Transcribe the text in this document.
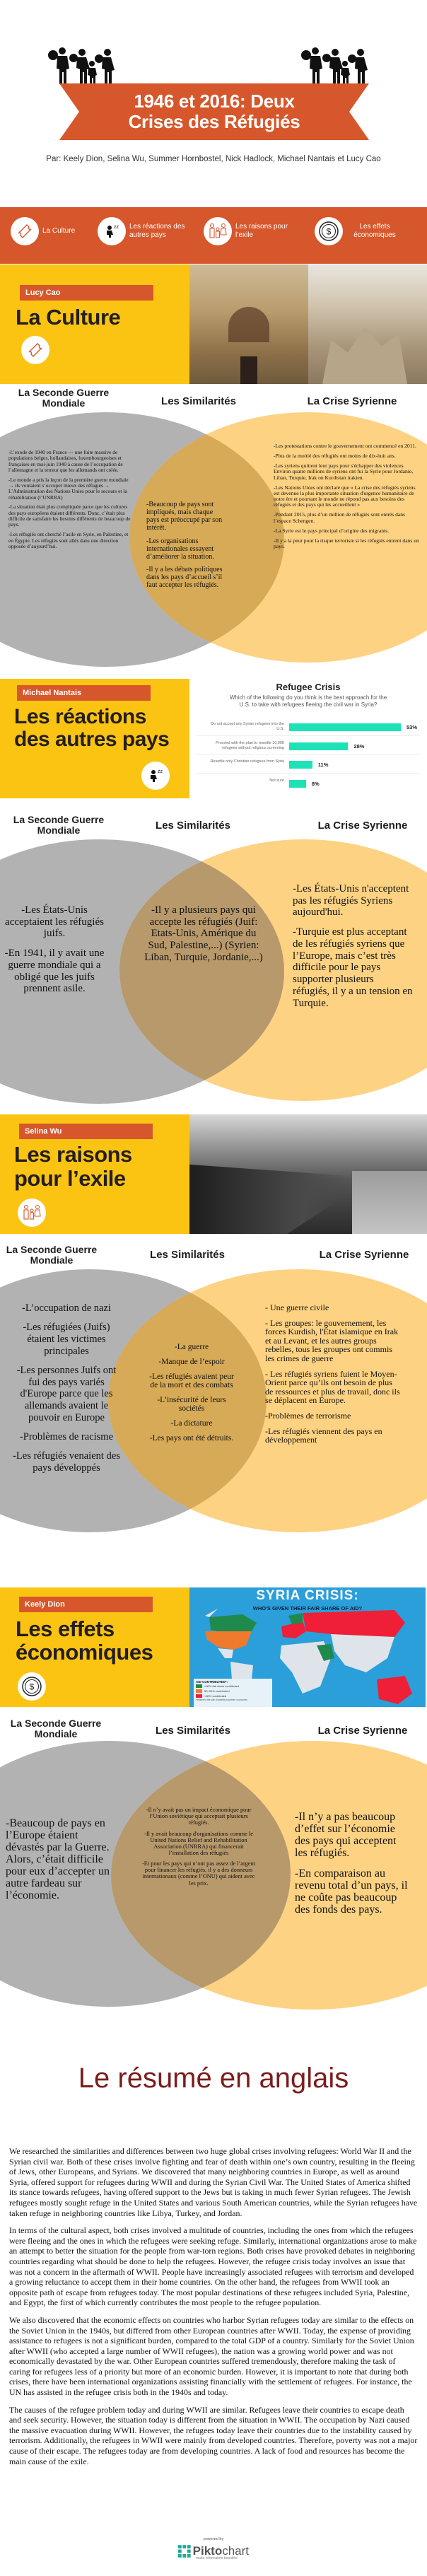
1946 et 2016: Deux
Crises des Réfugiés
Par: Keely Dion, Selina Wu, Summer Hornbostel, Nick Hadlock, Michael Nantais et Lucy Cao
La Culture	zz Les réactions des autres pays
Les raisons pour l’exile	$	Les effets économiques
Lucy Cao
La Culture
La Seconde Guerre Mondiale	Les Similarités	La Crise Syrienne

-L’exode de 1940 en France --- une fuite massive de populations belges, hollandaises, luxembourgeoises et françaises en mai-juin 1940 à cause de l’occupation de l’allemagne et la terreur que les allemands ont créée.

-Le monde a pris la leçon de la première guerre mondiale → ils voulaient s’occuper mieux des réfugiés → L’Administration des Nations Unies pour le secours et la réhabilitation (l’UNRRA)

-La situation était plus compliquée parce que les cultures des pays européens étaient différents. Donc, c’était plus difficile de satisfaire les besoins différents de beaucoup de pays.

-Les réfugiés ont cherché l’asile en Syrie, en Palestine, et en Égypte. Les réfugiés sont allés dans une direction opposée d’aujourd’hui.

-Beaucoup de pays sont impliqués, mais chaque pays est préoccupé par son intérêt.

-Les organisations internationales essayent d’améliorer la situation.

-Il y a les débats politiques dans les pays d’accueil s’il faut accepter les réfugiés.

-Les protestations contre le gouvernement ont commencé en 2011.

-Plus de la moitié des réfugiés ont moins de dix-huit ans.

-Les syriens quittent leur pays pour s'échapper des violences. Environ quatre millions de syriens ont fui la Syrie pour Jordanie, Liban, Turquie, Irak ou Kurdistan irakien.

-Les Nations Unies ont déclaré que « La crise des réfugiés syriens est devenue la plus importante situation d'urgence humanitaire de notre ère et pourtant le monde ne répond pas aux besoins des réfugiés et des pays qui les accueillent »

-Pendant 2015, plus d’un million de réfugiés sont entrés dans l’espace Schengen.

-La Syrie est le pays principal d’origine des migrants.

-Il y a la peur pour la risque terroriste si les réfugiés entrent dans un pays.

Michael Nantais
Les réactions des autres pays
zz
Refugee Crisis
Which of the following do you think is the best approach for the U.S. to take with refugees fleeing the civil war in Syria?
Do not accept any Syrian refugees into the U.S.	53%
Proceed with the plan to resettle 10,000 refugees without religious screening	28%
Resettle only Christian refugees from Syria	11%
Not sure	8%
La Seconde Guerre Mondiale	Les Similarités	La Crise Syrienne

-Les États-Unis acceptaient les réfugiés juifs.

-En 1941, il y avait une guerre mondiale qui a obligé que les juifs prennent asile.

-Il y a plusieurs pays qui accepte les réfugiés (Juif: Etats-Unis, Amérique du Sud, Palestine,...) (Syrien: Liban, Turquie, Jordanie,...)

-Les États-Unis n'acceptent pas les réfugiés Syriens aujourd'hui.

-Turquie est plus acceptant de les réfugiés syriens que l’Europe, mais c’est très difficile pour le pays supporter plusieurs réfugiés, il y a un tension en Turquie.

Selina Wu
Les raisons pour l’exile
La Seconde Guerre Mondiale	Les Similarités	La Crise Syrienne

-L’occupation de nazi

-Les réfugiées (Juifs) étaient les victimes principales

-Les personnes Juifs ont fui des pays variés d'Europe parce que les allemands avaient le pouvoir en Europe

-Problèmes de racisme

-Les réfugiés venaient des pays développés

-La guerre

-Manque de l’espoir

-Les réfugiés avaient peur de la mort et des combats

-L’insécurité de leurs sociétés

-La dictature

-Les pays ont été détruits.

- Une guerre civile

- Les groupes: le gouvernement, les forces Kurdish, l'État islamique en Irak et au Levant, et les autres groups rebelles, tous les groupes ont commis les crimes de guerre

- Les réfugiés syriens fuient le Moyen- Orient parce qu’ils ont besoin de plus de ressources et plus de travail, donc ils se déplacent en Europe.

-Problèmes de terrorisme

-Les réfugiés viennent des pays en développement

Keely Dion
Les effets économiques
$
SYRIA CRISIS:
WHO'S GIVEN THEIR FAIR SHARE OF AID?
AID CONTRIBUTED*:
>90% fair share contributed
50–90% contributed
<50% contributed
*relative to the size of wealthy countries' economies
La Seconde Guerre Mondiale	Les Similarités	La Crise Syrienne

-Beaucoup de pays en l’Europe étaient dévastés par la Guerre. Alors, c’était difficile pour eux d’accepter un autre fardeau sur l’économie.

-Il n’y avait pas un impact économique pour l’Union soviétique qui acceptait plusieurs réfugiés.

-Il y avait beaucoup d'organisations comme le United Nations Relief and Rehabilitation Association (UNRRA) qui financerait l’installation des réfugiés

-Et pour les pays qui n’ont pas assez de l’argent pour financer les réfugiés, il y a des donneurs internationaux (comme l’ONU) qui aident avec les prix.

-Il n’y a pas beaucoup d’effet sur l’économie des pays qui acceptent les réfugiés.

-En comparaison au revenu total d’un pays, il ne coûte pas beaucoup des fonds des pays.

Le résumé en anglais

We researched the similarities and differences between two huge global crises involving refugees: World War II and the Syrian civil war. Both of these crises involve fighting and fear of death within one’s own country, resulting in the fleeing of Jews, other Europeans, and Syrians. We discovered that many neighboring countries in Europe, as well as around Syria, offered support for refugees during WWII and during the Syrian Civil War. The United States of America shifted its stance towards refugees, having offered support to the Jews but is taking in much fewer Syrian refugees. The Jewish refugees mostly sought refuge in the United States and various South American countries, while the Syrian refugees have taken refuge in neighboring countries like Libya, Turkey, and Jordan.

In terms of the cultural aspect, both crises involved a multitude of countries, including the ones from which the refugees were fleeing and the ones in which the refugees were seeking refuge. Similarly, international organizations arose to make an attempt to better the situation for the people from war-torn regions. Both crises have provoked debates in neighboring countries regarding what should be done to help the refugees. However, the refugee crisis today involves an issue that was not a concern in the aftermath of WWII. People have increasingly associated refugees with terrorism and developed a growing reluctance to accept them in their home countries. On the other hand, the refugees from WWII took an opposite path of escape from refugees today. The most popular destinations of these refugees included Syria, Palestine, and Egypt, the first of which currently contributes the most people to the refugee population.

We also discovered that the economic effects on countries who harbor Syrian refugees today are similar to the effects on the Soviet Union in the 1940s, but differed from other European countries after WWII. Today, the expense of providing assistance to refugees is not a significant burden, compared to the total GDP of a country. Similarly for the Soviet Union after WWII (who accepted a large number of WWII refugees), the nation was a growing world power and was not economically devastated by the war. Other European countries suffered tremendously, therefore making the task of caring for refugees less of a priority but more of an economic burden. However, it is important to note that during both crises, there have been international organizations assisting financially with the settlement of refugees. For instance, the UN has assisted in the refugee crisis both in the 1940s and today.

The causes of the refugee problem today and during WWII are similar. Refugees leave their countries to escape death and seek security. However, the situation today is different from the situation in WWII. The occupation by Nazi caused the massive evacuation during WWII. However, the refugees today leave their countries due to the instability caused by terrorism. Additionally, the refugees in WWII were mainly from developed countries. Therefore, poverty was not a major cause of their escape. The refugees today are from developing countries. A lack of food and resources has become the main cause of the exile.

powered by
Piktochart
make information beautiful
